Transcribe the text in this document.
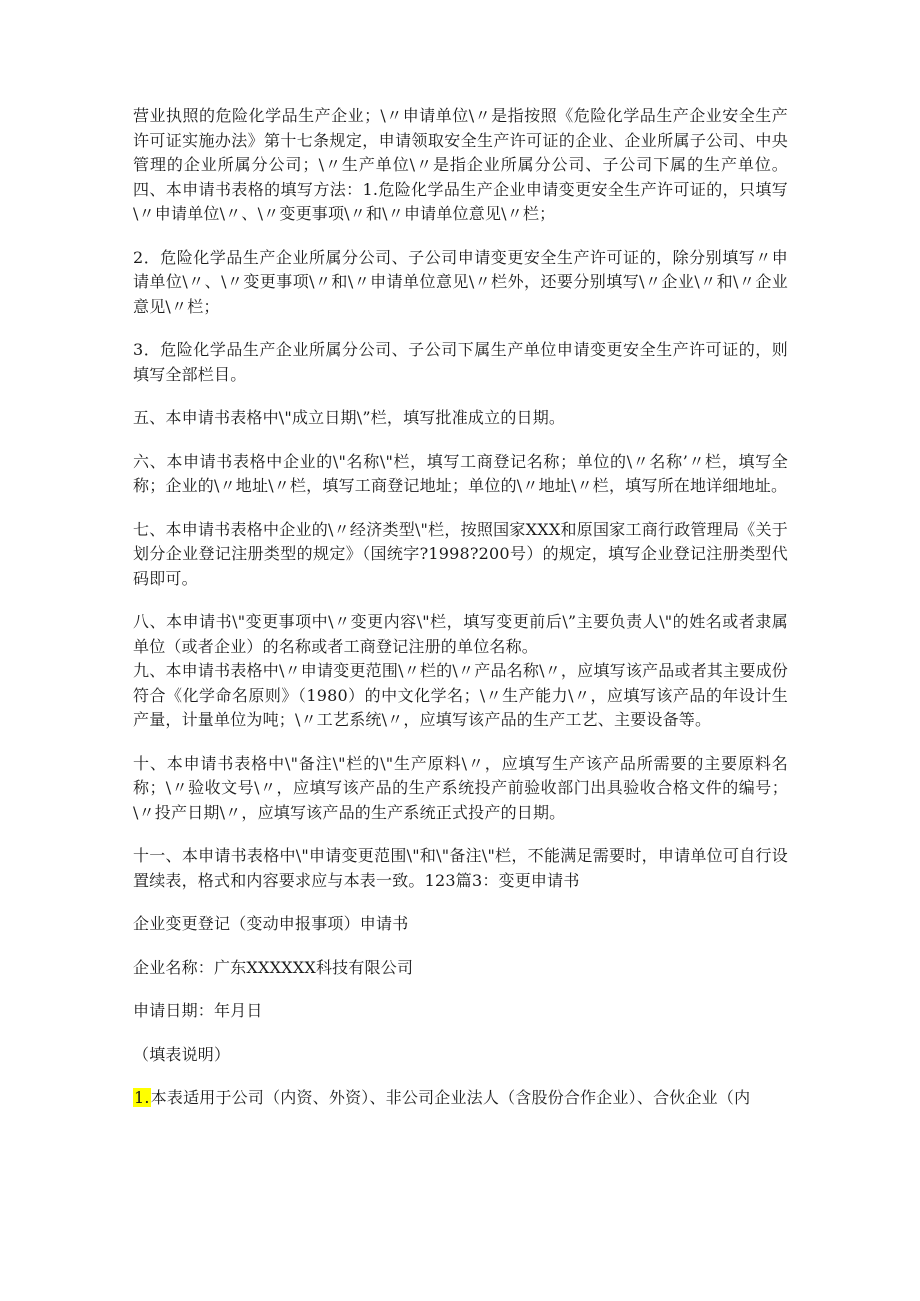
营业执照的危险化学品生产企业；\〃申请单位\〃是指按照《危险化学品生产企业安全生产许可证实施办法》第十七条规定，申请领取安全生产许可证的企业、企业所属子公司、中央管理的企业所属分公司；\〃生产单位\〃是指企业所属分公司、子公司下属的生产单位。四、本申请书表格的填写方法：1.危险化学品生产企业申请变更安全生产许可证的，只填写\〃申请单位\〃、\〃变更事项\〃和\〃申请单位意见\〃栏；

2．危险化学品生产企业所属分公司、子公司申请变更安全生产许可证的，除分别填写〃申请单位\〃、\〃变更事项\〃和\〃申请单位意见\〃栏外，还要分别填写\〃企业\〃和\〃企业意见\〃栏；

3．危险化学品生产企业所属分公司、子公司下属生产单位申请变更安全生产许可证的，则填写全部栏目。

五、本申请书表格中\"成立日期\”栏，填写批准成立的日期。

六、本申请书表格中企业的\"名称\"栏，填写工商登记名称；单位的\〃名称’〃栏，填写全称；企业的\〃地址\〃栏，填写工商登记地址；单位的\〃地址\〃栏，填写所在地详细地址。

七、本申请书表格中企业的\〃经济类型\"栏，按照国家XXX和原国家工商行政管理局《关于划分企业登记注册类型的规定》（国统字?1998?200号）的规定，填写企业登记注册类型代码即可。

八、本申请书\"变更事项中\〃变更内容\"栏，填写变更前后\”主要负责人\"的姓名或者隶属单位（或者企业）的名称或者工商登记注册的单位名称。

九、本申请书表格中\〃申请变更范围\〃栏的\〃产品名称\〃，应填写该产品或者其主要成份符合《化学命名原则》（1980）的中文化学名；\〃生产能力\〃，应填写该产品的年设计生产量，计量单位为吨；\〃工艺系统\〃，应填写该产品的生产工艺、主要设备等。

十、本申请书表格中\"备注\"栏的\"生产原料\〃，应填写生产该产品所需要的主要原料名称；\〃验收文号\〃，应填写该产品的生产系统投产前验收部门出具验收合格文件的编号；\〃投产日期\〃，应填写该产品的生产系统正式投产的日期。

十一、本申请书表格中\"申请变更范围\"和\"备注\"栏，不能满足需要时，申请单位可自行设置续表，格式和内容要求应与本表一致。123篇3：变更申请书

企业变更登记（变动申报事项）申请书

企业名称：广东XXXXXX科技有限公司

申请日期：年月日

（填表说明）

1.本表适用于公司（内资、外资）、非公司企业法人（含股份合作企业）、合伙企业（内
